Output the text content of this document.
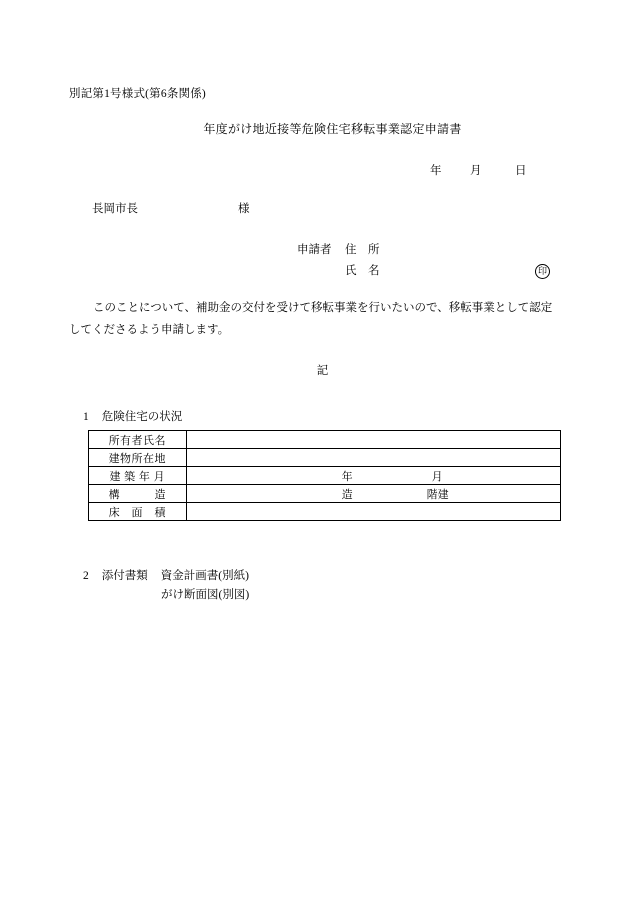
別記第1号様式(第6条関係)
年度がけ地近接等危険住宅移転事業認定申請書
年 月	日
長岡市長	様
申請者 住　所
氏　名	印
このことについて、補助金の交付を受けて移転事業を行いたいので、移転事業として認定してくださるよう申請します。
記
1 危険住宅の状況
所有者氏名	

建物所在地	

建 築 年 月	年 月

構　　　造	造 階建

床　面　積	
2 添付書類 資金計画書(別紙)
がけ断面図(別図)
